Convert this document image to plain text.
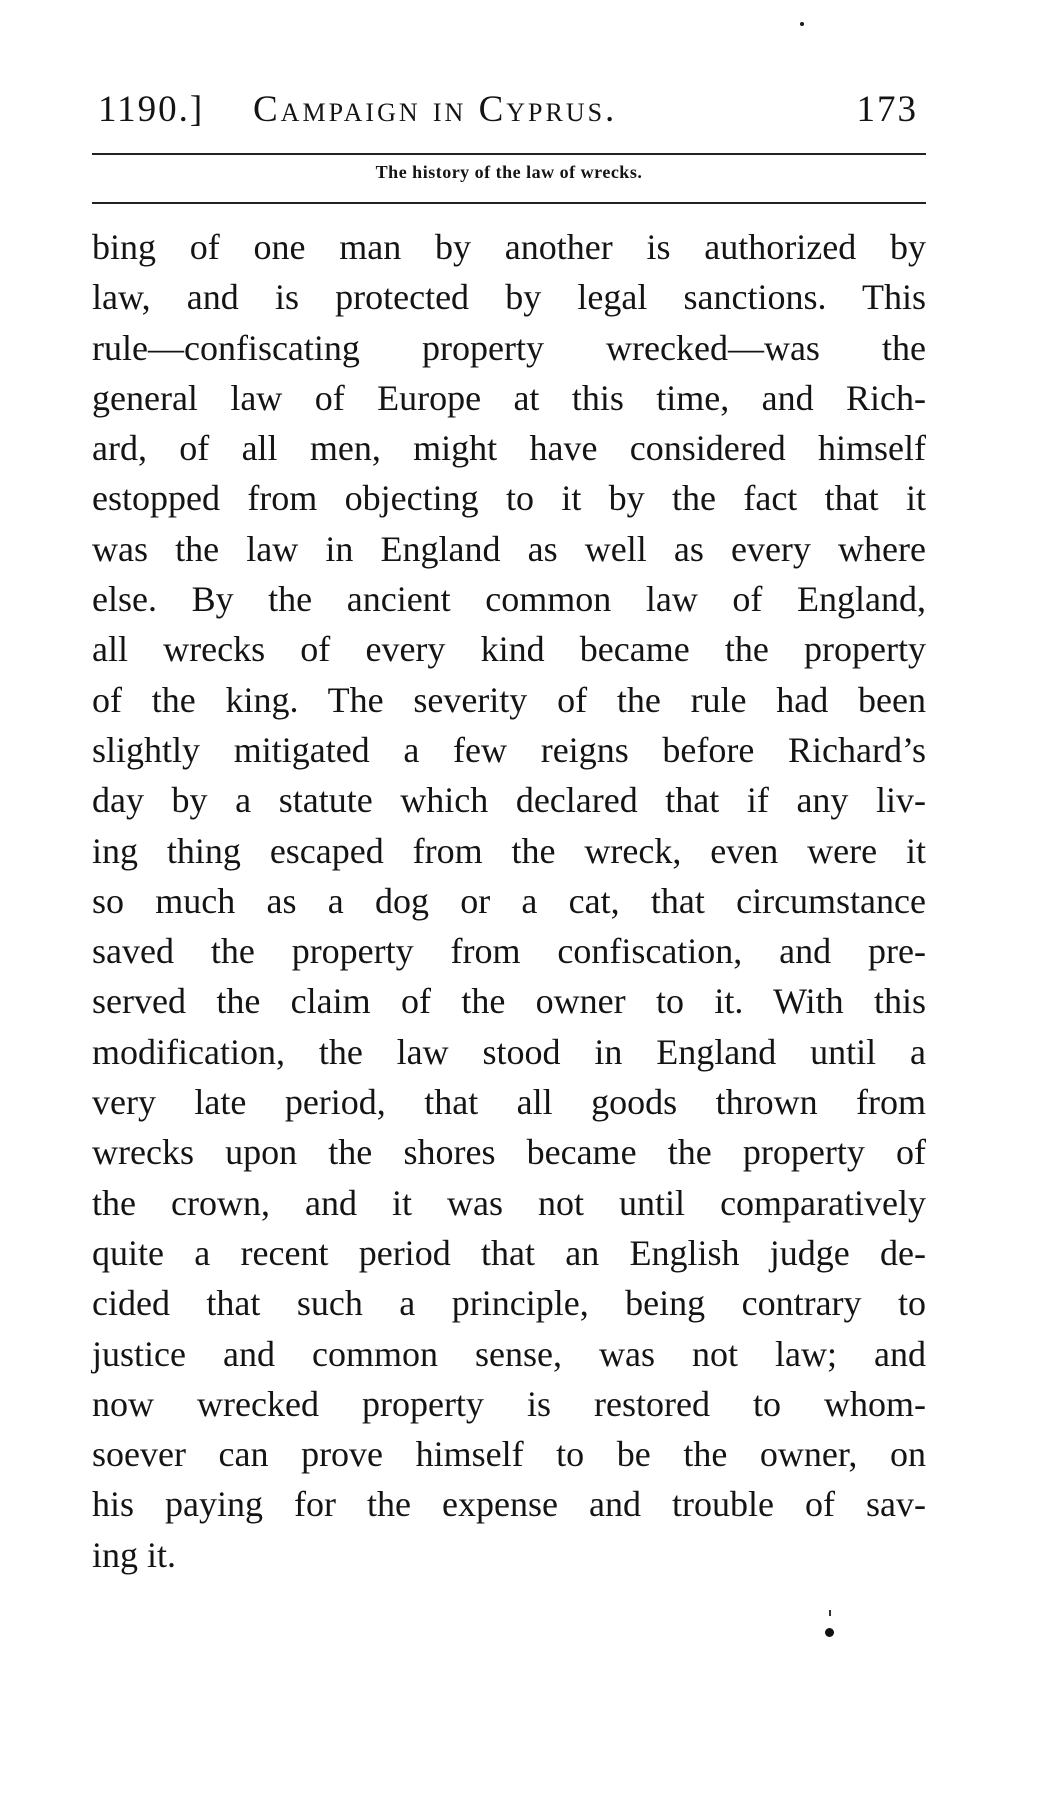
1190.] Campaign in Cyprus.	173
The history of the law of wrecks.
bing of one man by another is authorized by
law, and is protected by legal sanctions. This
rule—confiscating property wrecked—was the
general law of Europe at this time, and Rich-
ard, of all men, might have considered himself
estopped from objecting to it by the fact that it
was the law in England as well as every where
else. By the ancient common law of England,
all wrecks of every kind became the property
of the king. The severity of the rule had been
slightly mitigated a few reigns before Richard’s
day by a statute which declared that if any liv-
ing thing escaped from the wreck, even were it
so much as a dog or a cat, that circumstance
saved the property from confiscation, and pre-
served the claim of the owner to it. With this
modification, the law stood in England until a
very late period, that all goods thrown from
wrecks upon the shores became the property of
the crown, and it was not until comparatively
quite a recent period that an English judge de-
cided that such a principle, being contrary to
justice and common sense, was not law; and
now wrecked property is restored to whom-
soever can prove himself to be the owner, on
his paying for the expense and trouble of sav-
ing it.
